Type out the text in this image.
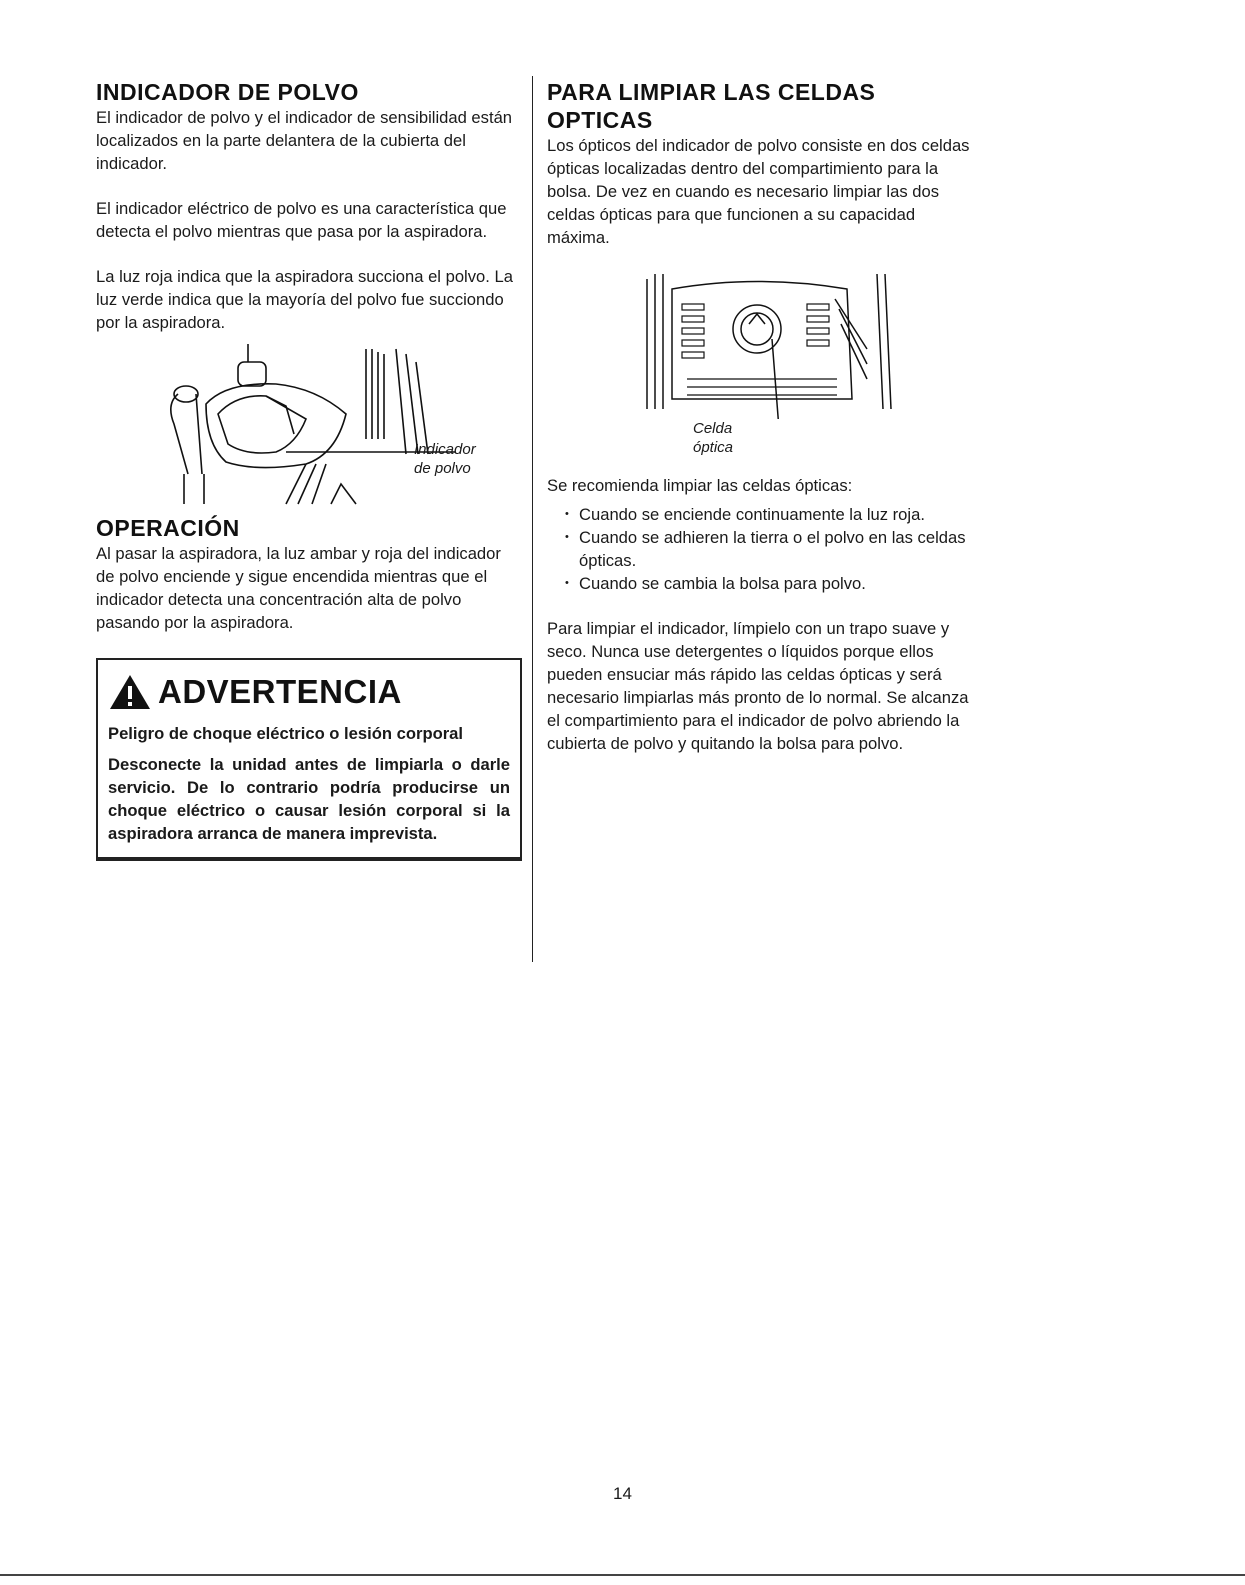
INDICADOR DE POLVO

El indicador de polvo y el indicador de sensibilidad están localizados en la parte delantera de la cubierta del indicador.

El indicador eléctrico de polvo es una característica que detecta el polvo mientras que pasa por la aspiradora.

La luz roja indica que la aspiradora succiona el polvo. La luz verde indica que la mayoría del polvo fue succiondo por la aspiradora.

Indicador
de polvo
OPERACIÓN

Al pasar la aspiradora, la luz ambar y roja del indicador de polvo enciende y sigue encendida mientras que el indicador detecta una concentración alta de polvo pasando por la aspiradora.

ADVERTENCIA
Peligro de choque eléctrico o lesión corporal
Desconecte la unidad antes de limpiarla o darle servicio. De lo contrario podría producirse un choque eléctrico o causar lesión corporal si la aspiradora arranca de manera imprevista.
PARA LIMPIAR LAS CELDAS OPTICAS

Los ópticos del indicador de polvo consiste en dos celdas ópticas localizadas dentro del compartimiento para la bolsa. De vez en cuando es necesario limpiar las dos celdas ópticas para que funcionen a su capacidad máxima.

Celda
óptica

Se recomienda limpiar las celdas ópticas:

• Cuando se enciende continuamente la luz roja.
• Cuando se adhieren la tierra o el polvo en las celdas ópticas.
• Cuando se cambia la bolsa para polvo.

Para limpiar el indicador, límpielo con un trapo suave y seco. Nunca use detergentes o líquidos porque ellos pueden ensuciar más rápido las celdas ópticas y será necesario limpiarlas más pronto de lo normal. Se alcanza el compartimiento para el indicador de polvo abriendo la cubierta de polvo y quitando la bolsa para polvo.

14
